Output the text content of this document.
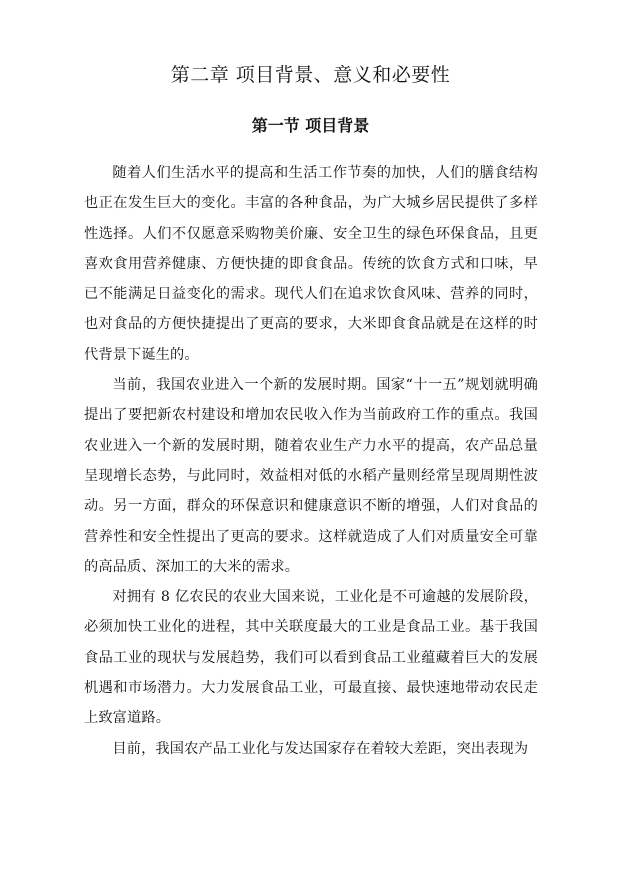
第二章 项目背景、意义和必要性
第一节 项目背景

随着人们生活水平的提高和生活工作节奏的加快，人们的膳食结构也正在发生巨大的变化。丰富的各种食品，为广大城乡居民提供了多样性选择。人们不仅愿意采购物美价廉、安全卫生的绿色环保食品，且更喜欢食用营养健康、方便快捷的即食食品。传统的饮食方式和口味，早已不能满足日益变化的需求。现代人们在追求饮食风味、营养的同时，也对食品的方便快捷提出了更高的要求，大米即食食品就是在这样的时代背景下诞生的。

当前，我国农业进入一个新的发展时期。国家“十一五”规划就明确提出了要把新农村建设和增加农民收入作为当前政府工作的重点。我国农业进入一个新的发展时期，随着农业生产力水平的提高，农产品总量呈现增长态势，与此同时，效益相对低的水稻产量则经常呈现周期性波动。另一方面，群众的环保意识和健康意识不断的增强，人们对食品的营养性和安全性提出了更高的要求。这样就造成了人们对质量安全可靠的高品质、深加工的大米的需求。

对拥有 8 亿农民的农业大国来说，工业化是不可逾越的发展阶段，必须加快工业化的进程，其中关联度最大的工业是食品工业。基于我国食品工业的现状与发展趋势，我们可以看到食品工业蕴藏着巨大的发展机遇和市场潜力。大力发展食品工业，可最直接、最快速地带动农民走上致富道路。

目前，我国农产品工业化与发达国家存在着较大差距，突出表现为
